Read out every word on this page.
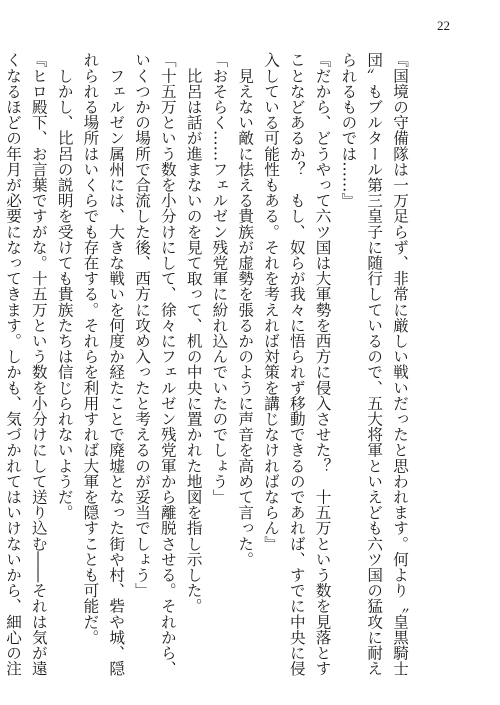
22
『国境の守備隊は一万足らず、非常に厳しい戦いだったと思われます。何より〝皇黒騎士
団〟もブルタール第三皇子に随行しているので、五大将軍といえども六ツ国の猛攻に耐え
られるものでは……』
『だから、どうやって六ツ国は大軍勢を西方に侵入させた？　十五万という数を見落とす
ことなどあるか？　もし、奴らが我々に悟られず移動できるのであれば、すでに中央に侵
入している可能性もある。それを考えれば対策を講じなければならん』
　見えない敵に怯える貴族が虚勢を張るかのように声音を高めて言った。
「おそらく……フェルゼン残党軍に紛れ込んでいたのでしょう」
　比呂は話が進まないのを見て取って、机の中央に置かれた地図を指し示した。
「十五万という数を小分けにして、徐々にフェルゼン残党軍から離脱させる。それから、
いくつかの場所で合流した後、西方に攻め入ったと考えるのが妥当でしょう」
　フェルゼン属州には、大きな戦いを何度か経たことで廃墟となった街や村、砦や城、隠
れられる場所はいくらでも存在する。それらを利用すれば大軍を隠すことも可能だ。
　しかし、比呂の説明を受けても貴族たちは信じられないようだ。
『ヒロ殿下、お言葉ですがな。十五万という数を小分けにして送り込む――それは気が遠
くなるほどの年月が必要になってきます。しかも、気づかれてはいけないから、細心の注
